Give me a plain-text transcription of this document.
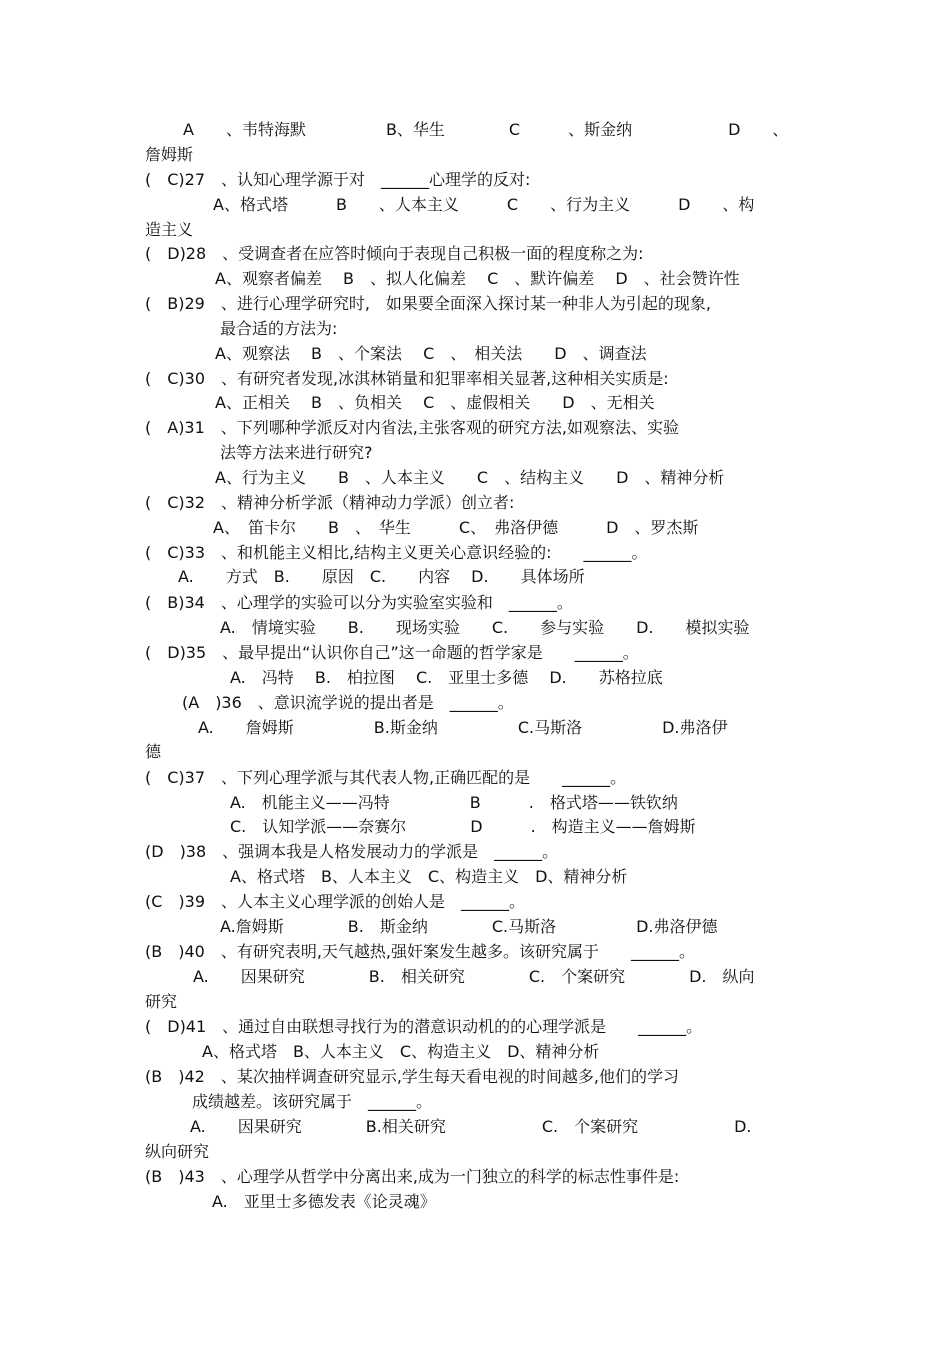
A　　、韦特海默　　　　　B、华生　　　　C　　　、斯金纳　　　　　　D　　、
詹姆斯
(　C)27　、认知心理学源于对　______心理学的反对:
A、格式塔　　　B　　、人本主义　　　C　　、行为主义　　　D　　、构
造主义
(　D)28　、受调查者在应答时倾向于表现自己积极一面的程度称之为:
A、观察者偏差　 B　、拟人化偏差　 C　、默许偏差　 D　、社会赞许性
(　B)29　、进行心理学研究时,　如果要全面深入探讨某一种非人为引起的现象,
最合适的方法为:
A、观察法　 B　、个案法　 C　、　相关法　　D　、调查法
(　C)30　、有研究者发现,冰淇林销量和犯罪率相关显著,这种相关实质是:
A、正相关　 B　、负相关　 C　、虚假相关　　D　、无相关
(　A)31　、下列哪种学派反对内省法,主张客观的研究方法,如观察法、实验
法等方法来进行研究?
A、行为主义　　B　、人本主义　　C　、结构主义　　D　、精神分析
(　C)32　、精神分析学派（精神动力学派）创立者:
A、　笛卡尔　　B　、　华生　　　C、　弗洛伊德　　　D　、罗杰斯
(　C)33　、和机能主义相比,结构主义更关心意识经验的:　　______。
A.　　方式　B.　　原因　C.　　内容　 D.　　具体场所
(　B)34　、心理学的实验可以分为实验室实验和　______。
A.　情境实验　　B.　　现场实验　　C.　　参与实验　　D.　　模拟实验
(　D)35　、最早提出“认识你自己”这一命题的哲学家是　　______。
A.　冯特　 B.　柏拉图　 C.　亚里士多德　 D.　　苏格拉底
(A　)36　、意识流学说的提出者是　______。
A.　　詹姆斯　　　　　B.斯金纳　　　　　C.马斯洛　　　　　D.弗洛伊
德
(　C)37　、下列心理学派与其代表人物,正确匹配的是　　______。
A.　机能主义——冯特　　　　　B　　　.　格式塔——铁钦纳
C.　认知学派——奈赛尔　　　　D　　　.　构造主义——詹姆斯
(D　)38　、强调本我是人格发展动力的学派是　______。
A、格式塔　B、人本主义　C、构造主义　D、精神分析
(C　)39　、人本主义心理学派的创始人是　______。
A.詹姆斯　　　　B.　斯金纳　　　　C.马斯洛　　　　　D.弗洛伊德
(B　)40　、有研究表明,天气越热,强奸案发生越多。该研究属于　　______。
A.　　因果研究　　　　B.　相关研究　　　　C.　个案研究　　　　D.　纵向
研究
(　D)41　、通过自由联想寻找行为的潜意识动机的的心理学派是　　______。
A、格式塔　B、人本主义　C、构造主义　D、精神分析
(B　)42　、某次抽样调查研究显示,学生每天看电视的时间越多,他们的学习
成绩越差。该研究属于　______。
A.　　因果研究　　　　B.相关研究　　　　　　C.　个案研究　　　　　　D.
纵向研究
(B　)43　、心理学从哲学中分离出来,成为一门独立的科学的标志性事件是:
A.　亚里士多德发表《论灵魂》
